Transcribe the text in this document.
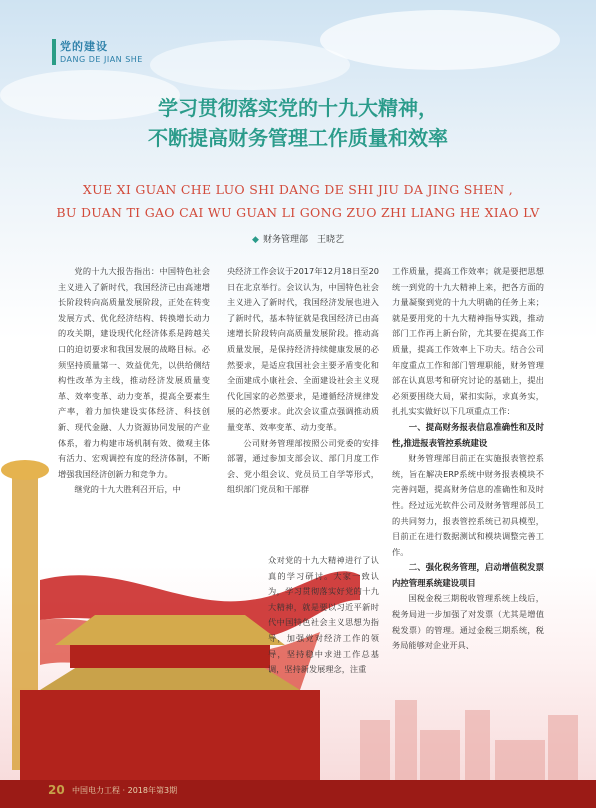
党的建设
DANG DE JIAN SHE
学习贯彻落实党的十九大精神，
不断提高财务管理工作质量和效率
XUE XI GUAN CHE LUO SHI DANG DE SHI JIU DA JING SHEN ,
BU DUAN TI GAO CAI WU GUAN LI GONG ZUO ZHI LIANG HE XIAO LV
◆ 财务管理部　王晓艺

党的十九大报告指出：中国特色社会主义进入了新时代，我国经济已由高速增长阶段转向高质量发展阶段，正处在转变发展方式、优化经济结构、转换增长动力的攻关期，建设现代化经济体系是跨越关口的迫切要求和我国发展的战略目标。必须坚持质量第一、效益优先，以供给侧结构性改革为主线，推动经济发展质量变革、效率变革、动力变革，提高全要素生产率，着力加快建设实体经济、科技创新、现代金融、人力资源协同发展的产业体系，着力构建市场机制有效、微观主体有活力、宏观调控有度的经济体制，不断增强我国经济创新力和竞争力。

继党的十九大胜利召开后，中

央经济工作会议于2017年12月18日至20日在北京举行。会议认为，中国特色社会主义进入了新时代，我国经济发展也进入了新时代，基本特征就是我国经济已由高速增长阶段转向高质量发展阶段。推动高质量发展，是保持经济持续健康发展的必然要求，是适应我国社会主要矛盾变化和全面建成小康社会、全面建设社会主义现代化国家的必然要求，是遵循经济规律发展的必然要求。此次会议重点强调推动质量变革、效率变革、动力变革。

公司财务管理部按照公司党委的安排部署，通过参加支部会议、部门月度工作会、党小组会议、党员员工自学等形式，组织部门党员和干部群

众对党的十九大精神进行了认真的学习研讨。大家一致认为，学习贯彻落实好党的十九大精神，就是要以习近平新时代中国特色社会主义思想为指导，加强党对经济工作的领导，坚持稳中求进工作总基调，坚持新发展理念，注重

工作质量，提高工作效率；就是要把思想统一到党的十九大精神上来，把各方面的力量凝聚到党的十九大明确的任务上来；就是要用党的十九大精神指导实践，推动部门工作再上新台阶，尤其要在提高工作质量，提高工作效率上下功夫。结合公司年度重点工作和部门管理职能，财务管理部在认真思考和研究讨论的基础上，提出必须要围绕大局，紧扣实际，求真务实，扎扎实实做好以下几项重点工作：

一、提高财务报表信息准确性和及时性,推进报表管控系统建设

财务管理部目前正在实施报表管控系统，旨在解决ERP系统中财务报表模块不完善问题，提高财务信息的准确性和及时性。经过远光软件公司及财务管理部员工的共同努力，报表管控系统已初具模型，目前正在进行数据测试和模块调整完善工作。

二、强化税务管理，启动增值税发票内控管理系统建设项目

国税金税三期税收管理系统上线后，税务局进一步加强了对发票（尤其是增值税发票）的管理。通过金税三期系统，税务局能够对企业开具、

20 中国电力工程 · 2018年第3期
